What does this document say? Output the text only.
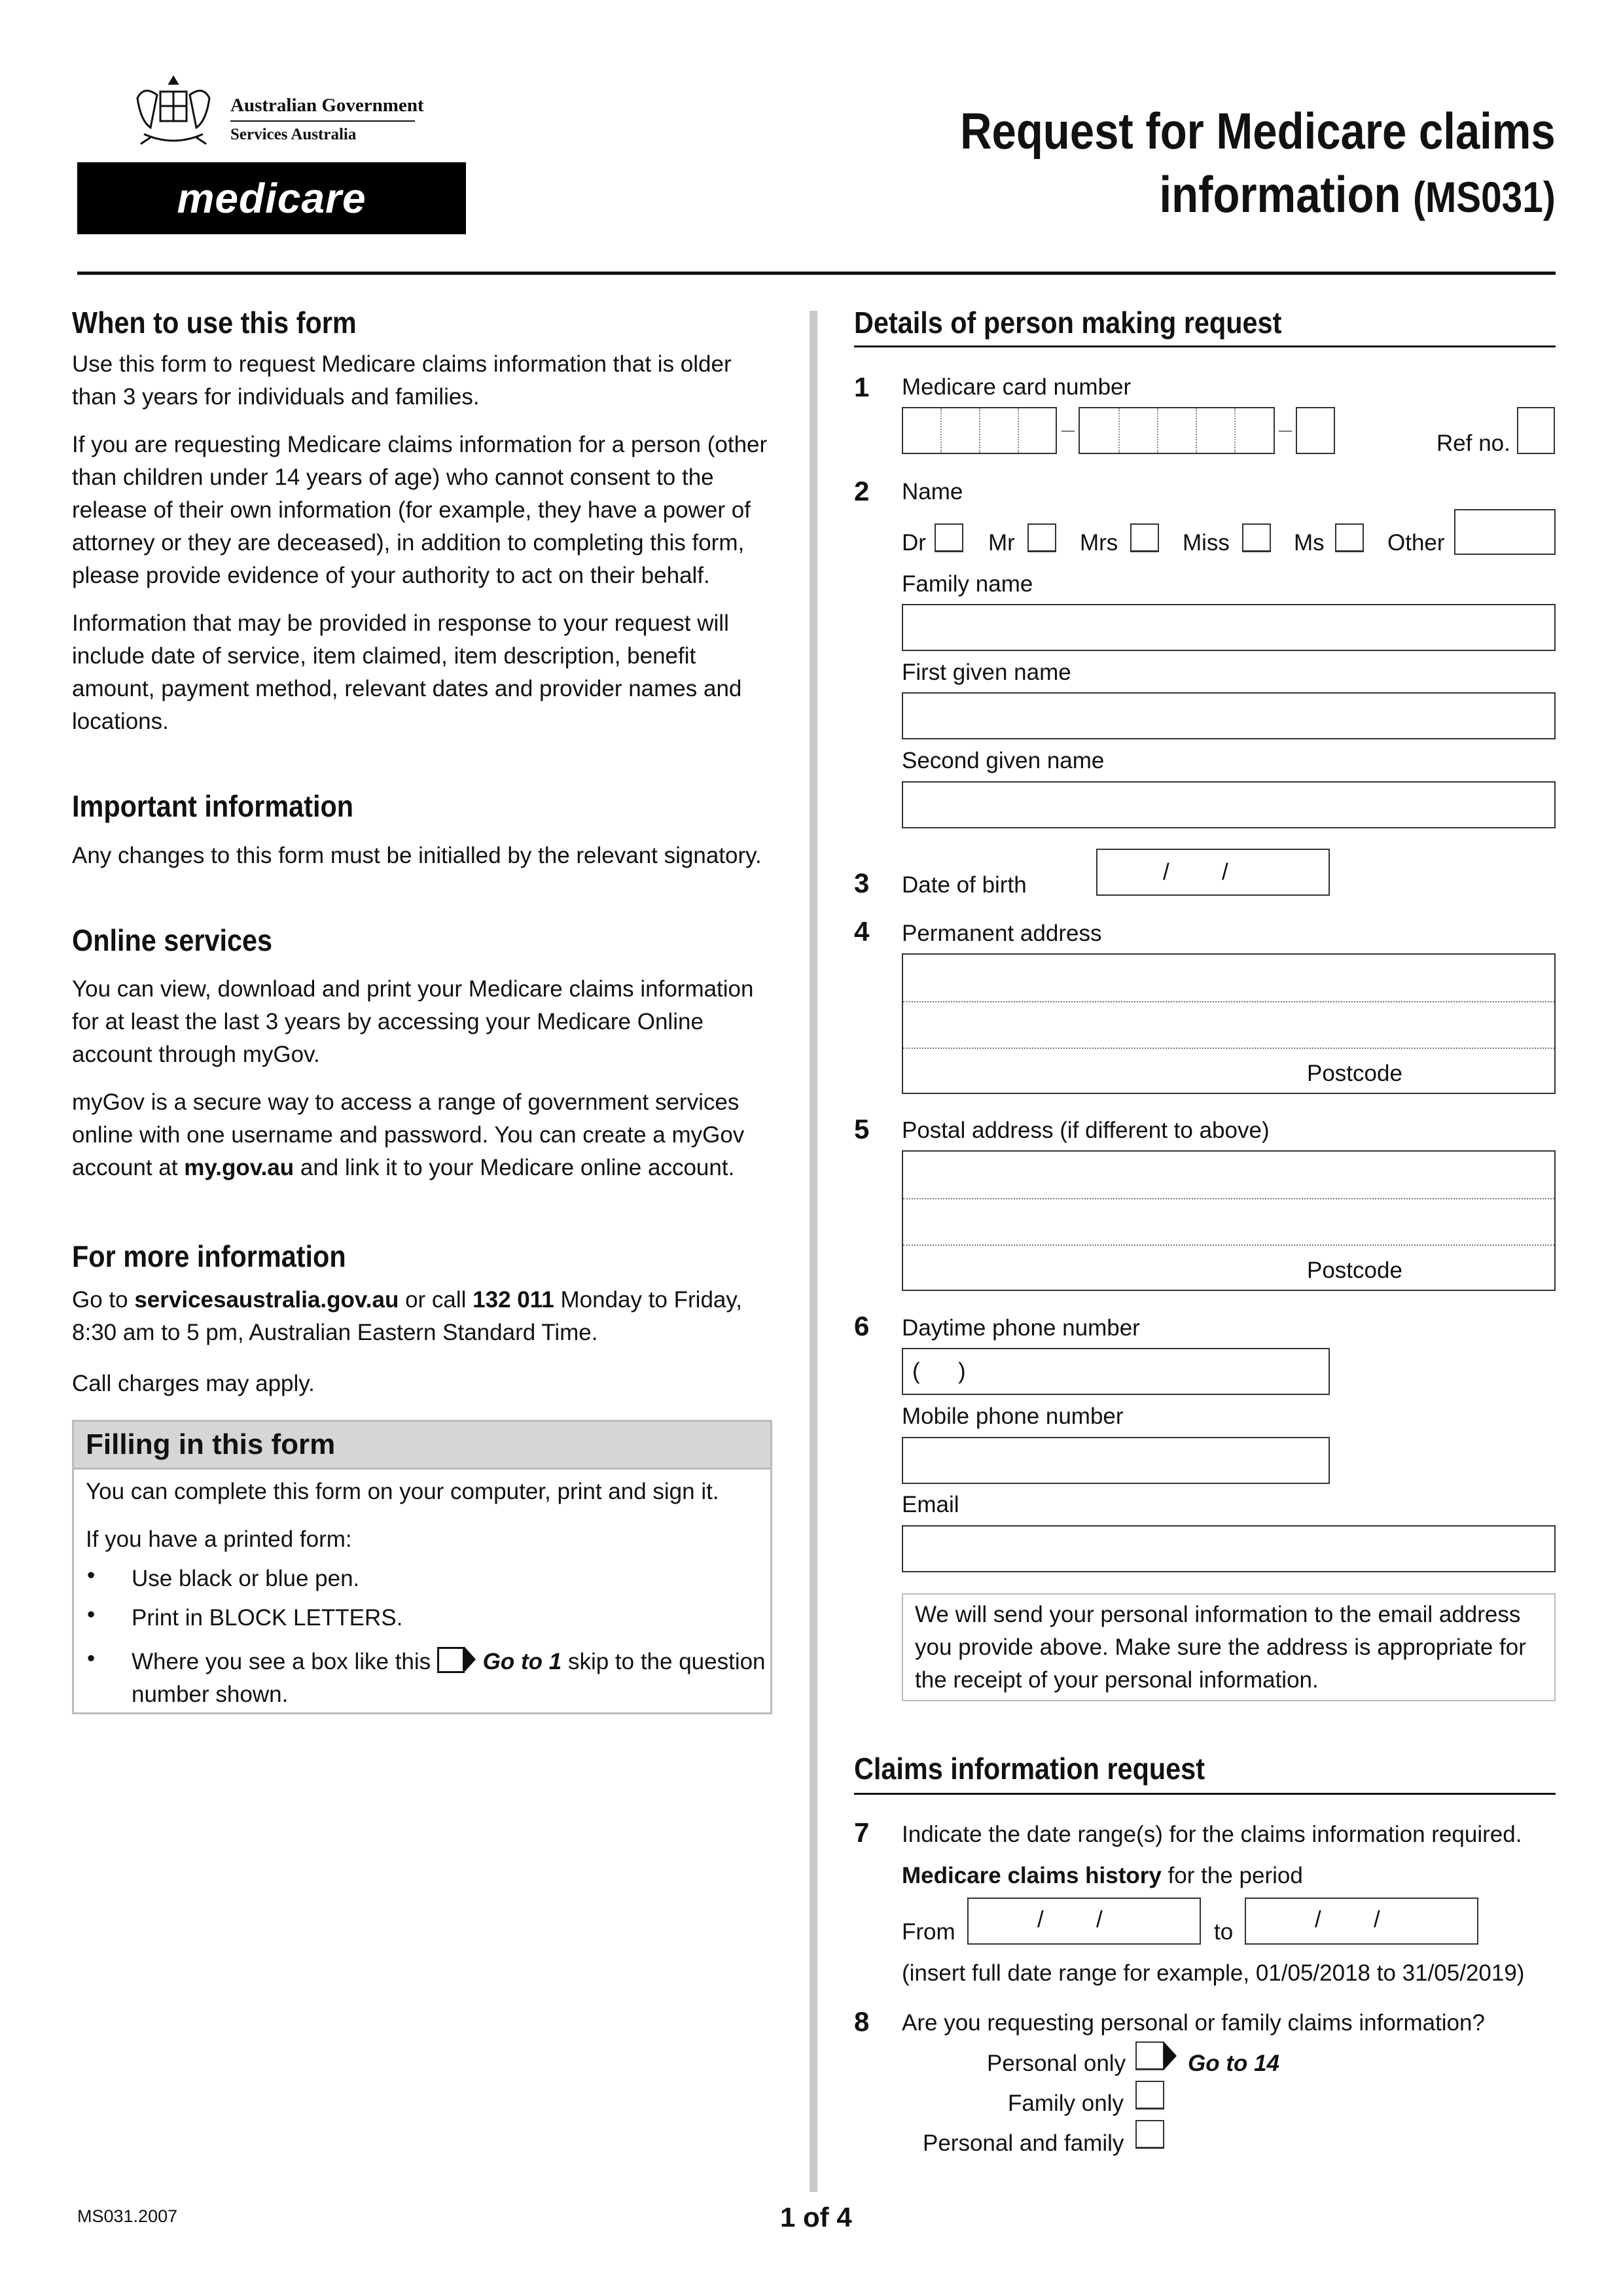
Australian Government
Services Australia
medicare
Request for Medicare claims
information (MS031)
When to use this form
Use this form to request Medicare claims information that is older than 3 years for individuals and families.
If you are requesting Medicare claims information for a person (other than children under 14 years of age) who cannot consent to the release of their own information (for example, they have a power of attorney or they are deceased), in addition to completing this form, please provide evidence of your authority to act on their behalf.
Information that may be provided in response to your request will include date of service, item claimed, item description, benefit amount, payment method, relevant dates and provider names and locations.
Important information
Any changes to this form must be initialled by the relevant signatory.
Online services
You can view, download and print your Medicare claims information for at least the last 3 years by accessing your Medicare Online account through myGov.
myGov is a secure way to access a range of government services online with one username and password. You can create a myGov account at my.gov.au and link it to your Medicare online account.
For more information
Go to servicesaustralia.gov.au or call 132 011 Monday to Friday, 8:30 am to 5 pm, Australian Eastern Standard Time.
Call charges may apply.
Filling in this form
You can complete this form on your computer, print and sign it.
If you have a printed form:
• Use black or blue pen.
• Print in BLOCK LETTERS.
• Where you see a box like this Go to 1 skip to the question
number shown.
Details of person making request
1 Medicare card number
Ref no.
2 Name
Dr	Mr	Mrs	Miss	Ms	Other
Family name
First given name
Second given name
3 Date of birth
/ /
4 Permanent address
Postcode
5 Postal address (if different to above)
Postcode
6 Daytime phone number
(      )
Mobile phone number
Email
We will send your personal information to the email address you provide above. Make sure the address is appropriate for the receipt of your personal information.
Claims information request
7 Indicate the date range(s) for the claims information required.
Medicare claims history for the period
From	/ /	to	/ /
(insert full date range for example, 01/05/2018 to 31/05/2019)
8 Are you requesting personal or family claims information?
Personal only	Go to 14
Family only
Personal and family
MS031.2007	1 of 4
